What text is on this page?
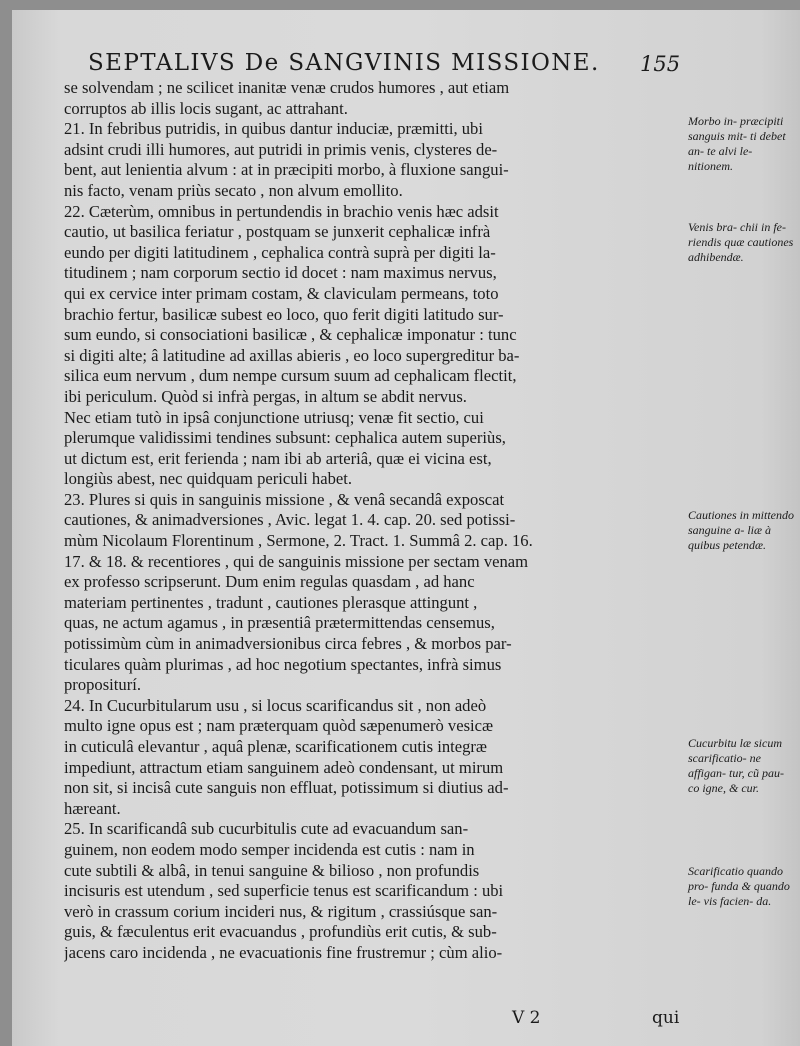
SEPTALIVS De SANGVINIS MISSIONE.	155
se solvendam ; ne scilicet inanitæ venæ crudos humores , aut etiam
corruptos ab illis locis sugant, ac attrahant.
21. In febribus putridis, in quibus dantur induciæ, præmitti, ubi
adsint crudi illi humores, aut putridi in primis venis, clysteres de-
bent, aut lenientia alvum : at in præcipiti morbo, à fluxione sangui-
nis facto, venam priùs secato , non alvum emollito.
22. Cæterùm, omnibus in pertundendis in brachio venis hæc adsit
cautio, ut basilica feriatur , postquam se junxerit cephalicæ infrà
eundo per digiti latitudinem , cephalica contrà suprà per digiti la-
titudinem ; nam corporum sectio id docet : nam maximus nervus,
qui ex cervice inter primam costam, & claviculam permeans, toto
brachio fertur, basilicæ subest eo loco, quo ferit digiti latitudo sur-
sum eundo, si consociationi basilicæ , & cephalicæ imponatur : tunc
si digiti alte; â latitudine ad axillas abieris , eo loco supergreditur ba-
silica eum nervum , dum nempe cursum suum ad cephalicam flectit,
ibi periculum. Quòd si infrà pergas, in altum se abdit nervus.
Nec etiam tutò in ipsâ conjunctione utriusq; venæ fit sectio, cui
plerumque validissimi tendines subsunt: cephalica autem superiùs,
ut dictum est, erit ferienda ; nam ibi ab arteriâ, quæ ei vicina est,
longiùs abest, nec quidquam periculi habet.
23. Plures si quis in sanguinis missione , & venâ secandâ exposcat
cautiones, & animadversiones , Avic. legat 1. 4. cap. 20. sed potissi-
mùm Nicolaum Florentinum , Sermone, 2. Tract. 1. Summâ 2. cap. 16.
17. & 18. & recentiores , qui de sanguinis missione per sectam venam
ex professo scripserunt. Dum enim regulas quasdam , ad hanc
materiam pertinentes , tradunt , cautiones plerasque attingunt ,
quas, ne actum agamus , in præsentiâ prætermittendas censemus,
potissimùm cùm in animadversionibus circa febres , & morbos par-
ticulares quàm plurimas , ad hoc negotium spectantes, infrà simus
propositurí.
24. In Cucurbitularum usu , si locus scarificandus sit , non adeò
multo igne opus est ; nam præterquam quòd sæpenumerò vesicæ
in cuticulâ elevantur , aquâ plenæ, scarificationem cutis integræ
impediunt, attractum etiam sanguinem adeò condensant, ut mirum
non sit, si incisâ cute sanguis non effluat, potissimum si diutius ad-
hæreant.
25. In scarificandâ sub cucurbitulis cute ad evacuandum san-
guinem, non eodem modo semper incidenda est cutis : nam in
cute subtili & albâ, in tenui sanguine & bilioso , non profundis
incisuris est utendum , sed superficie tenus est scarificandum : ubi
verò in crassum corium incideri nus, & rigitum , crassiúsque san-
guis, & fæculentus erit evacuandus , profundiùs erit cutis, & sub-
jacens caro incidenda , ne evacuationis fine frustremur ; cùm alio-
Morbo in- præcipiti sanguis mit- ti debet an- te alvi le- nitionem.
Venis bra- chii in fe- riendis quæ cautiones adhibendæ.
Cautiones in mittendo sanguine a- liæ à quibus petendæ.
Cucurbitu læ sicum scarificatio- ne affigan- tur, cũ pau- co igne, & cur.
Scarificatio quando pro- funda & quando le- vis facien- da.
V 2	qui
